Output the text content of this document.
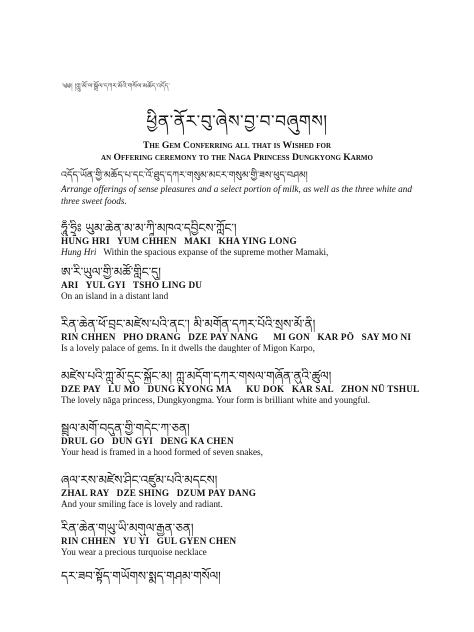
༄༅། །ཀླུ་མོ་ལ་སྒྲོལ་དཀར་མོའི་གསོལ་མཆོད་འདོད་
ཕྱིན་ནོར་བུ་ཞེས་བྱ་བ་བཞུགས།
The Gem Conferring all that is Wished for
an Offering ceremony to the Naga Princess Dungkyong Karmo
འདོད་ཡོན་གྱི་མཆོད་པ་དང་འོ་ཐུད་དཀར་གསུམ་མངར་གསུམ་གྱི་ཟས་ཕུད་བཤམ།
Arrange offerings of sense pleasures and a select portion of milk, as well as the three white and three sweet foods.
ཧཱུྃ་ཧྲཱིཿ ཡུམ་ཆེན་མ་མ་ཀཱི་མཁའ་དབྱིངས་ཀློང་།
HUNG HRI   YUM CHHEN   MAKI   KHA YING LONG
Hung Hri Within the spacious expanse of the supreme mother Mamaki,
ཨ་རི་ཡུལ་གྱི་མཚོ་གླིང་དུ།
ARI   YUL GYI   TSHO LING DU
On an island in a distant land
རིན་ཆེན་ཕོ་བྲང་མཛེས་པའི་ནང་། མི་མགོན་དཀར་པོའི་སྲས་མོ་ནི།
RIN CHHEN   PHO DRANG   DZE PAY NANG      MI GON   KAR PÖ   SAY MO NI
Is a lovely palace of gems. In it dwells the daughter of Migon Karpo,
མཛེས་པའི་ཀླུ་མོ་དུང་སྐྱོང་མ། ཀླུ་མདོག་དཀར་གསལ་གཞོན་ནུའི་ཚུལ།
DZE PAY   LU MO   DUNG KYONG MA      KU DOK   KAR SAL   ZHON NÜ TSHUL
The lovely nāga princess, Dungkyongma. Your form is brilliant white and youngful.
སྦྲུལ་མགོ་བདུན་གྱི་གདེང་ཀ་ཅན།
DRUL GO   DUN GYI   DENG KA CHEN
Your head is framed in a hood formed of seven snakes,
ཞལ་རས་མཛེས་ཤིང་འཛུམ་པའི་མདངས།
ZHAL RAY   DZE SHING   DZUM PAY DANG
And your smiling face is lovely and radiant.
རིན་ཆེན་གཡུ་ཡི་མགུལ་རྒྱན་ཅན།
RIN CHHEN   YU YI   GUL GYEN CHEN
You wear a precious turquoise necklace
དར་ཟབ་སྟོད་གཡོགས་སྨད་གཤམ་གསོལ།
